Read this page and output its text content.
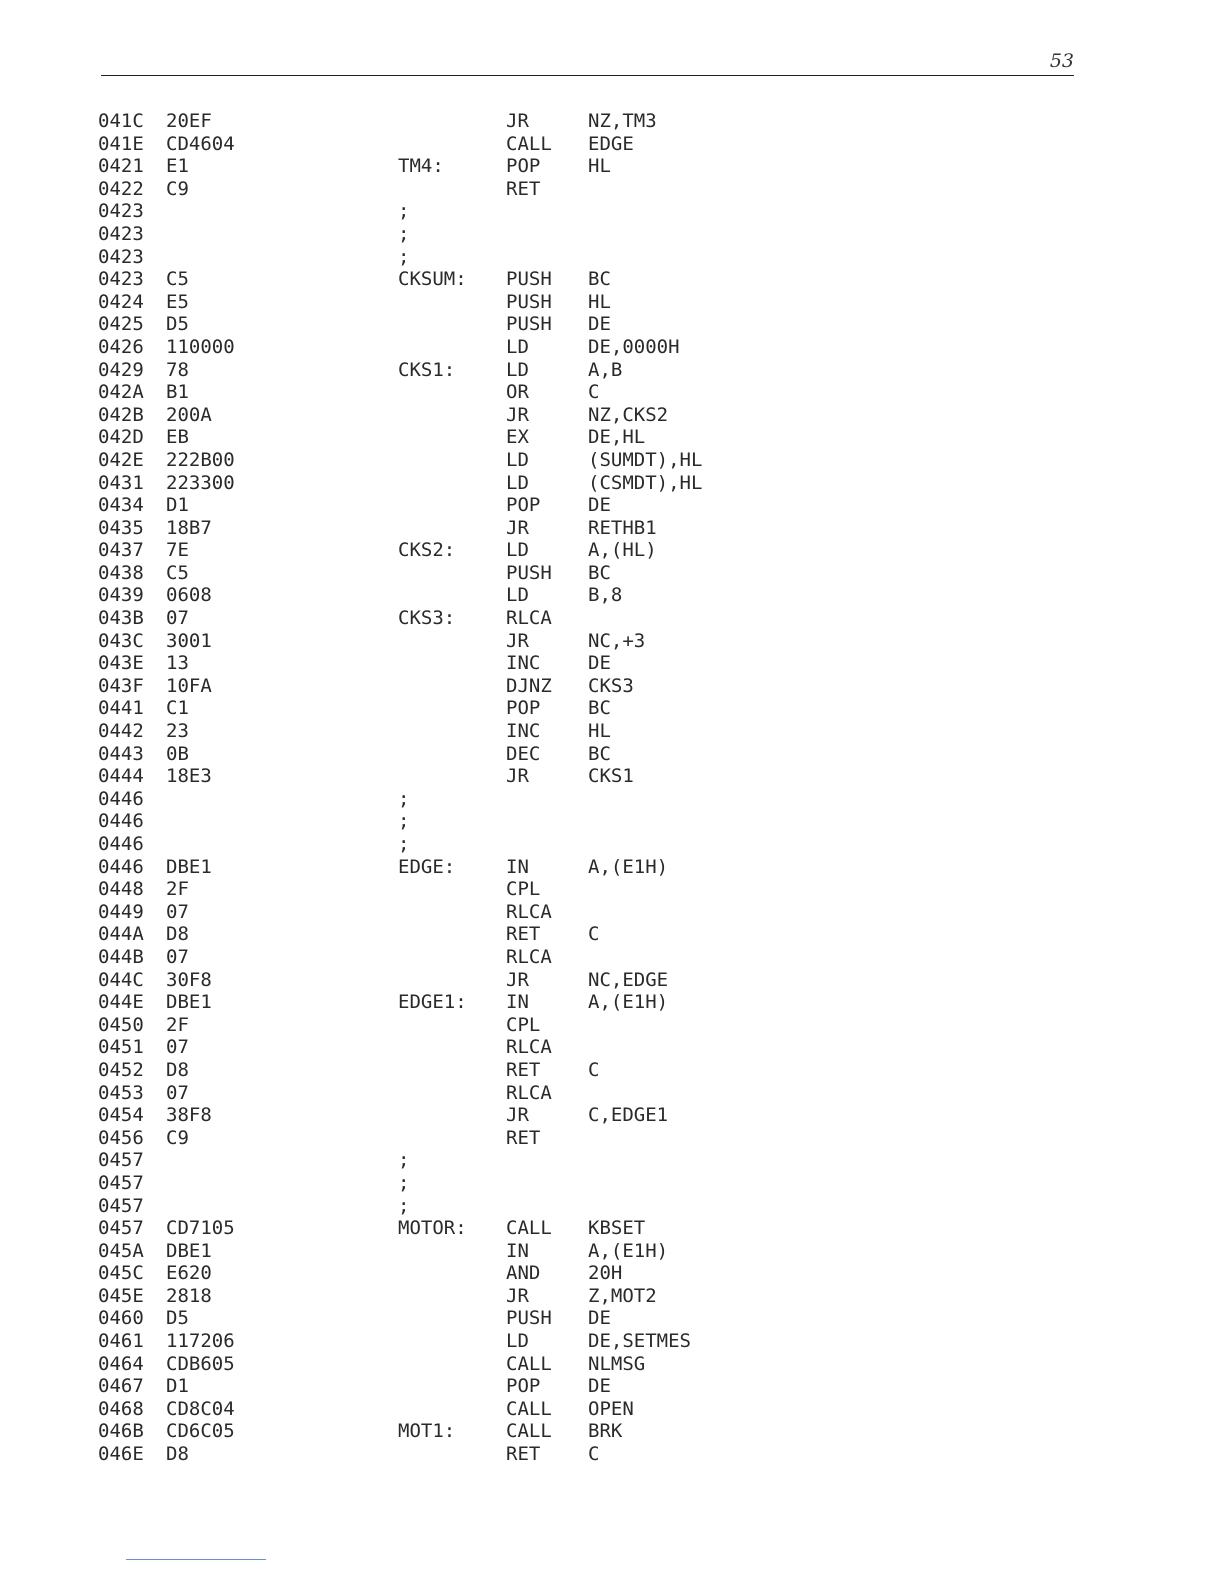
53
041C 20EF	JR	NZ,TM3
041E CD4604	CALL EDGE
0421 E1	TM4:	POP	HL
0422 C9	RET
0423	;
0423	;
0423	;
0423 C5	CKSUM: PUSH BC
0424 E5	PUSH HL
0425 D5	PUSH DE
0426 110000	LD	DE,0000H
0429 78	CKS1:	LD	A,B
042A B1	OR	C
042B 200A	JR	NZ,CKS2
042D EB	EX	DE,HL
042E 222B00	LD	(SUMDT),HL
0431 223300	LD	(CSMDT),HL
0434 D1	POP	DE
0435 18B7	JR	RETHB1
0437 7E	CKS2:	LD	A,(HL)
0438 C5	PUSH BC
0439 0608	LD	B,8
043B 07	CKS3:	RLCA
043C 3001	JR	NC,+3
043E 13	INC	DE
043F 10FA	DJNZ CKS3
0441 C1	POP	BC
0442 23	INC	HL
0443 0B	DEC	BC
0444 18E3	JR	CKS1
0446	;
0446	;
0446	;
0446 DBE1	EDGE:	IN	A,(E1H)
0448 2F	CPL
0449 07	RLCA
044A D8	RET	C
044B 07	RLCA
044C 30F8	JR	NC,EDGE
044E DBE1	EDGE1: IN	A,(E1H)
0450 2F	CPL
0451 07	RLCA
0452 D8	RET	C
0453 07	RLCA
0454 38F8	JR	C,EDGE1
0456 C9	RET
0457	;
0457	;
0457	;
0457 CD7105	MOTOR: CALL KBSET
045A DBE1	IN	A,(E1H)
045C E620	AND	20H
045E 2818	JR	Z,MOT2
0460 D5	PUSH DE
0461 117206	LD	DE,SETMES
0464 CDB605	CALL NLMSG
0467 D1	POP	DE
0468 CD8C04	CALL OPEN
046B CD6C05	MOT1:	CALL BRK
046E D8	RET	C
